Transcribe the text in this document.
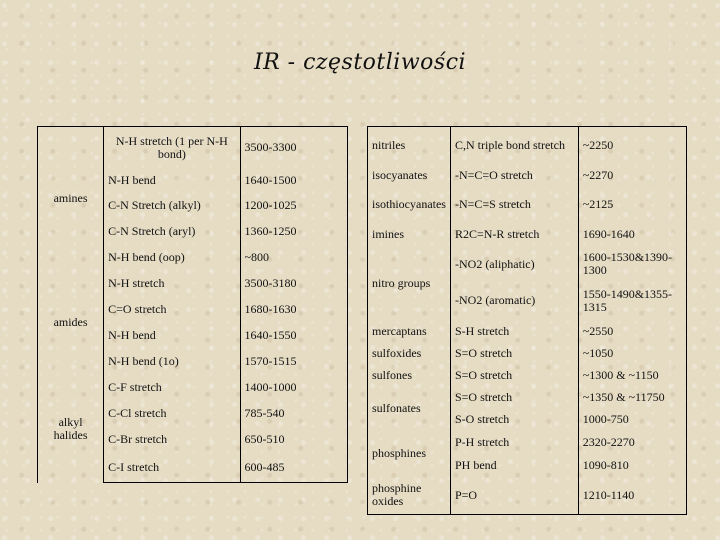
IR - częstotliwości
amines	N-H stretch (1 per N-H bond)	3500-3300
	N-H bend	1640-1500
	C-N Stretch (alkyl)	1200-1025
	C-N Stretch (aryl)	1360-1250
	N-H bend (oop)	~800
amides	N-H stretch	3500-3180
	C=O stretch	1680-1630
	N-H bend	1640-1550
	N-H bend (1o)	1570-1515
alkyl halides	C-F stretch	1400-1000
	C-Cl stretch	785-540
	C-Br stretch	650-510
	C-I stretch	600-485
nitriles	C,N triple bond stretch	~2250
isocyanates	-N=C=O stretch	~2270
isothiocyanates	-N=C=S stretch	~2125
imines	R2C=N-R stretch	1690-1640
nitro groups	-NO2 (aliphatic)	1600-1530&1390-1300
	-NO2 (aromatic)	1550-1490&1355-1315
mercaptans	S-H stretch	~2550
sulfoxides	S=O stretch	~1050
sulfones	S=O stretch	~1300 & ~1150
sulfonates	S=O stretch	~1350 & ~11750
	S-O stretch	1000-750
phosphines	P-H stretch	2320-2270
	PH bend	1090-810
phosphine oxides	P=O	1210-1140
